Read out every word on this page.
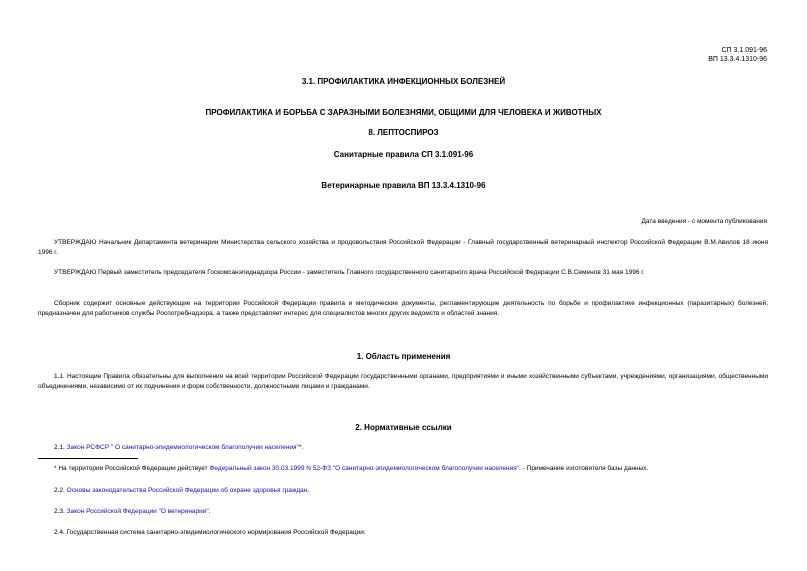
СП 3.1.091-96
ВП 13.3.4.1310-96
3.1. ПРОФИЛАКТИКА ИНФЕКЦИОННЫХ БОЛЕЗНЕЙ
ПРОФИЛАКТИКА И БОРЬБА С ЗАРАЗНЫМИ БОЛЕЗНЯМИ, ОБЩИМИ ДЛЯ ЧЕЛОВЕКА И ЖИВОТНЫХ
8. ЛЕПТОСПИРОЗ
Санитарные правила СП 3.1.091-96
Ветеринарные правила ВП 13.3.4.1310-96
Дата введения - с момента публикования
УТВЕРЖДАЮ Начальник Департамента ветеринарии Министерства сельского хозяйства и продовольствия Российской Федерации - Главный государственный ветеринарный инспектор Российской Федерации В.М.Авилов 18 июня 1996 г.
УТВЕРЖДАЮ Первый заместитель председателя Госкомсанэпиднадзора России - заместитель Главного государственного санитарного врача Российской Федерации С.В.Семенов 31 мая 1996 г.
Сборник содержит основные действующие на территории Российской Федерации правила и методические документы, регламентирующие деятельность по борьбе и профилактике инфекционных (паразитарных) болезней, предназначен для работников службы Роспотребнадзора, а также представляет интерес для специалистов многих других ведомств и областей знания.
1. Область применения
1.1. Настоящие Правила обязательны для выполнения на всей территории Российской Федерации государственными органами, предприятиями и иными хозяйственными субъектами, учреждениями, организациями, общественными объединениями, независимо от их подчинения и форм собственности, должностными лицами и гражданами.
2. Нормативные ссылки
2.1. Закон РСФСР " О санитарно-эпидемиологическом благополучии населения"*.
* На территории Российской Федерации действует Федеральный закон 30.03.1999 N 52-ФЗ "О санитарно-эпидемиологическом благополучии населения". - Примечание изготовителя базы данных.
2.2. Основы законодательства Российской Федерации об охране здоровья граждан.
2.3. Закон Российской Федерации "О ветеринарии".
2.4. Государственная система санитарно-эпидемиологического нормирования Российской Федерации.
